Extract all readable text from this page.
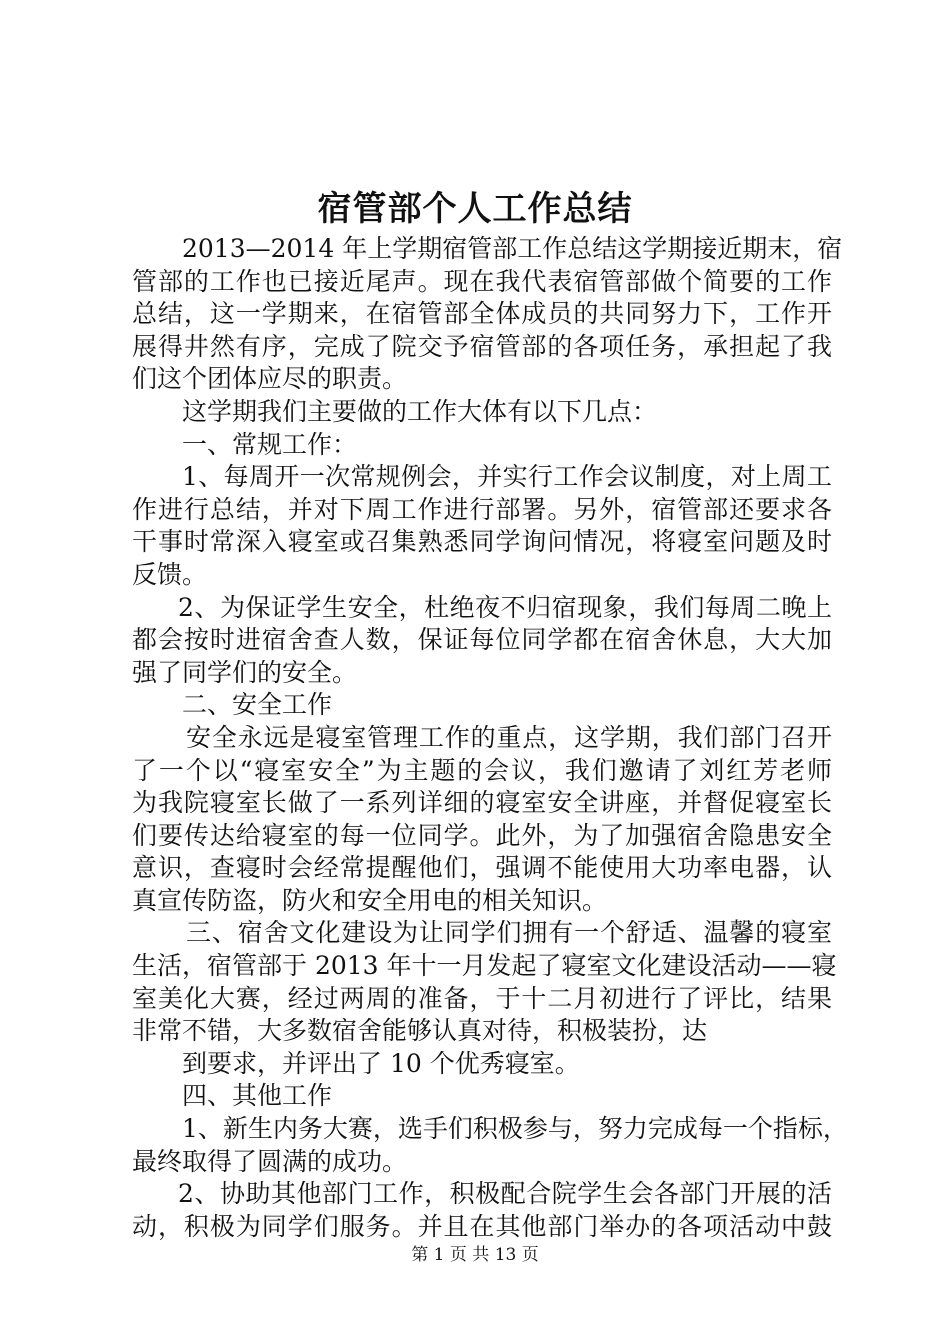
宿管部个人工作总结
2013—2014 年上学期宿管部工作总结这学期接近期末，宿
管部的工作也已接近尾声。现在我代表宿管部做个简要的工作
总结，这一学期来，在宿管部全体成员的共同努力下，工作开
展得井然有序，完成了院交予宿管部的各项任务，承担起了我
们这个团体应尽的职责。
这学期我们主要做的工作大体有以下几点：
一、常规工作：
1、每周开一次常规例会，并实行工作会议制度，对上周工
作进行总结，并对下周工作进行部署。另外，宿管部还要求各
干事时常深入寝室或召集熟悉同学询问情况，将寝室问题及时
反馈。
2、为保证学生安全，杜绝夜不归宿现象，我们每周二晚上
都会按时进宿舍查人数，保证每位同学都在宿舍休息，大大加
强了同学们的安全。
二、安全工作
安全永远是寝室管理工作的重点，这学期，我们部门召开
了一个以“寝室安全”为主题的会议，我们邀请了刘红芳老师
为我院寝室长做了一系列详细的寝室安全讲座，并督促寝室长
们要传达给寝室的每一位同学。此外，为了加强宿舍隐患安全
意识，查寝时会经常提醒他们，强调不能使用大功率电器，认
真宣传防盗，防火和安全用电的相关知识。
三、宿舍文化建设为让同学们拥有一个舒适、温馨的寝室
生活，宿管部于 2013 年十一月发起了寝室文化建设活动——寝
室美化大赛，经过两周的准备，于十二月初进行了评比，结果
非常不错，大多数宿舍能够认真对待，积极装扮，达
到要求，并评出了 10 个优秀寝室。
四、其他工作
1、新生内务大赛，选手们积极参与，努力完成每一个指标，
最终取得了圆满的成功。
2、协助其他部门工作，积极配合院学生会各部门开展的活
动，积极为同学们服务。并且在其他部门举办的各项活动中鼓
第 1 页 共 13 页
